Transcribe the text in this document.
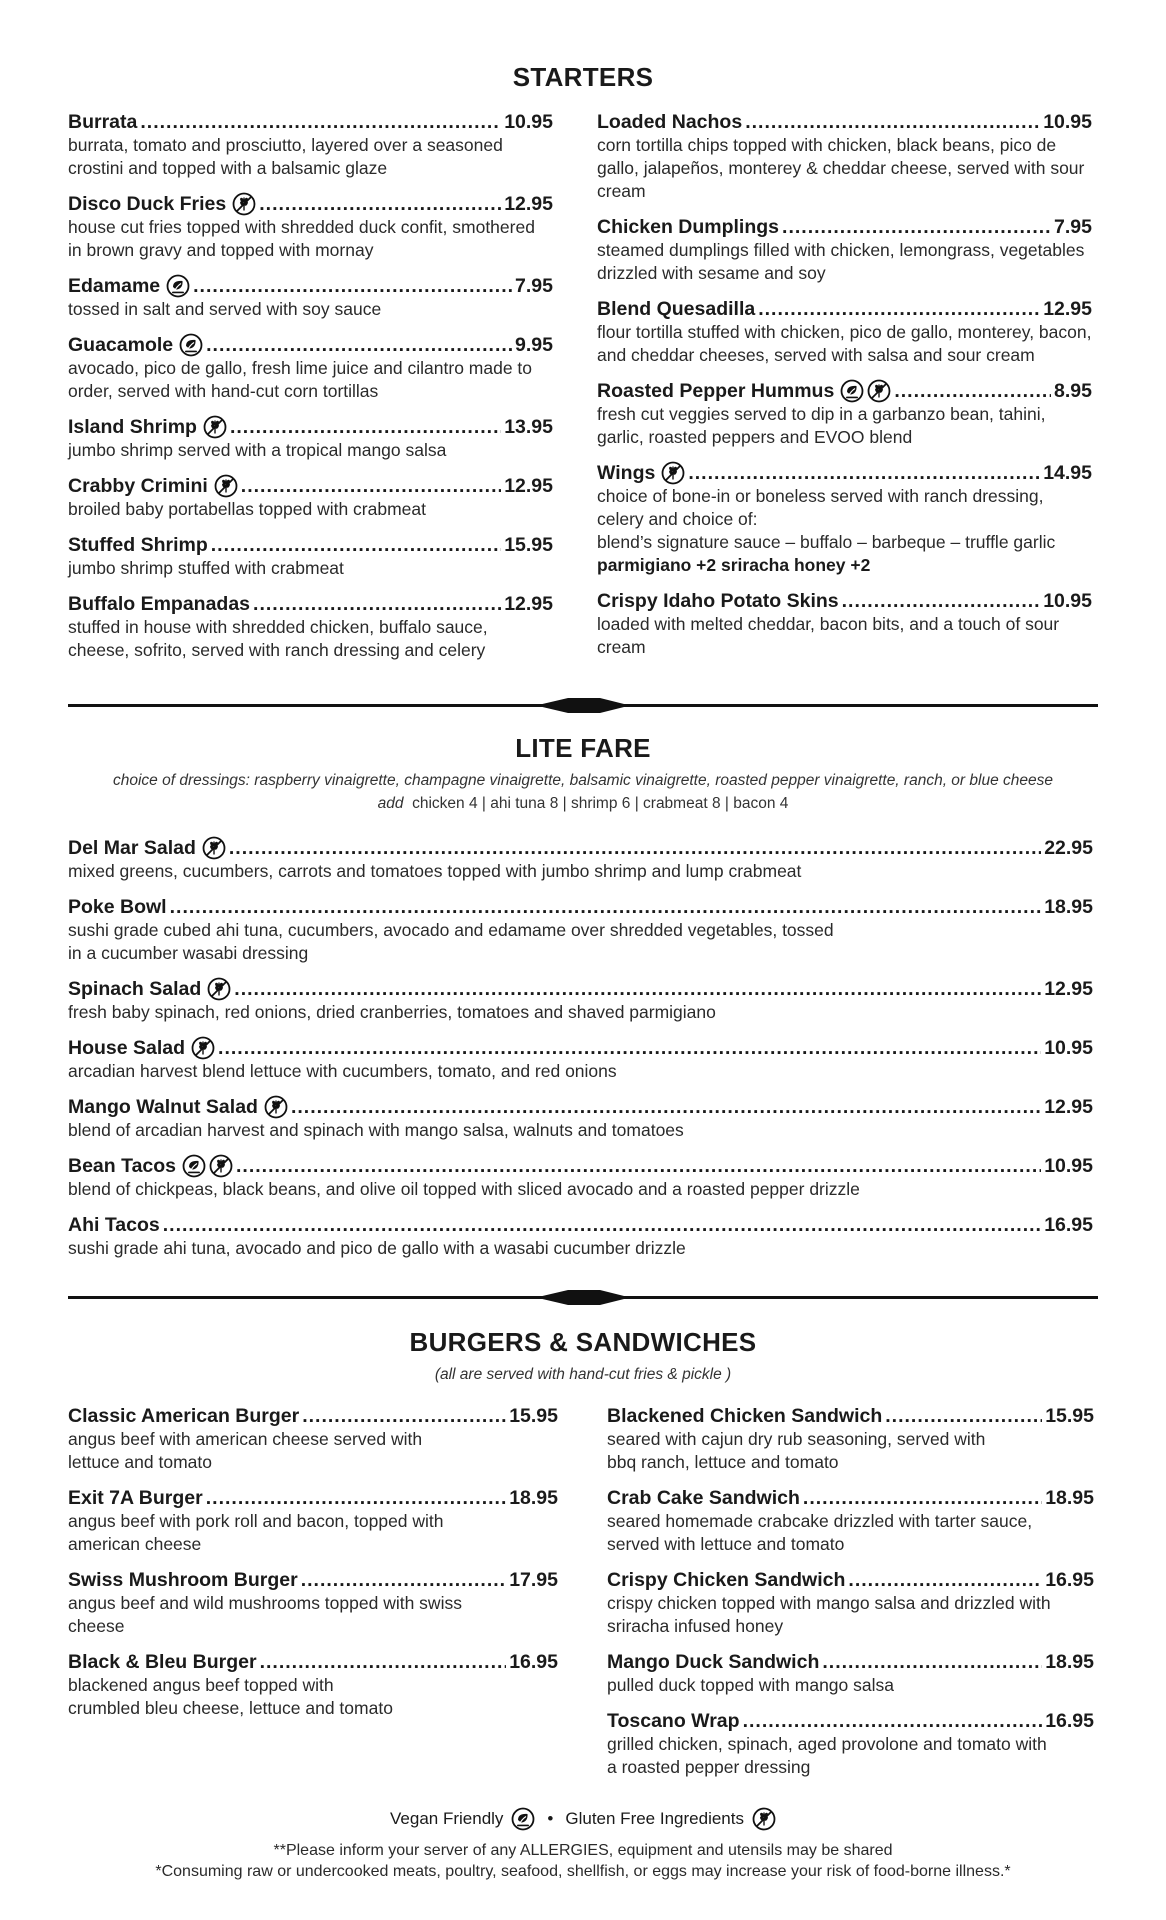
STARTERS
Burrata .....	10.95
burrata, tomato and prosciutto, layered over a seasoned crostini and topped with a balsamic glaze
Disco Duck Fries .....	12.95
house cut fries topped with shredded duck confit, smothered in brown gravy and topped with mornay
Edamame .....	7.95
tossed in salt and served with soy sauce
Guacamole .....	9.95
avocado, pico de gallo, fresh lime juice and cilantro made to order, served with hand-cut corn tortillas
Island Shrimp .....	13.95
jumbo shrimp served with a tropical mango salsa
Crabby Crimini .....	12.95
broiled baby portabellas topped with crabmeat
Stuffed Shrimp .....	15.95
jumbo shrimp stuffed with crabmeat
Buffalo Empanadas .....	12.95
stuffed in house with shredded chicken, buffalo sauce, cheese, sofrito, served with ranch dressing and celery
Loaded Nachos .....	10.95
corn tortilla chips topped with chicken, black beans, pico de gallo, jalapeños, monterey & cheddar cheese, served with sour cream
Chicken Dumplings .....	7.95
steamed dumplings filled with chicken, lemongrass, vegetables drizzled with sesame and soy
Blend Quesadilla .....	12.95
flour tortilla stuffed with chicken, pico de gallo, monterey, bacon, and cheddar cheeses, served with salsa and sour cream
Roasted Pepper Hummus .....	8.95
fresh cut veggies served to dip in a garbanzo bean, tahini, garlic, roasted peppers and EVOO blend
Wings .....	14.95
choice of bone-in or boneless served with ranch dressing, celery and choice of:
blend’s signature sauce – buffalo – barbeque – truffle garlic
parmigiano +2 sriracha honey +2
Crispy Idaho Potato Skins .....	10.95
loaded with melted cheddar, bacon bits, and a touch of sour cream
LITE FARE
choice of dressings: raspberry vinaigrette, champagne vinaigrette, balsamic vinaigrette, roasted pepper vinaigrette, ranch, or blue cheese
add chicken 4 | ahi tuna 8 | shrimp 6 | crabmeat 8 | bacon 4
Del Mar Salad .....	22.95
mixed greens, cucumbers, carrots and tomatoes topped with jumbo shrimp and lump crabmeat
Poke Bowl .....	18.95
sushi grade cubed ahi tuna, cucumbers, avocado and edamame over shredded vegetables, tossed
in a cucumber wasabi dressing
Spinach Salad .....	12.95
fresh baby spinach, red onions, dried cranberries, tomatoes and shaved parmigiano
House Salad .....	10.95
arcadian harvest blend lettuce with cucumbers, tomato, and red onions
Mango Walnut Salad .....	12.95
blend of arcadian harvest and spinach with mango salsa, walnuts and tomatoes
Bean Tacos .....	10.95
blend of chickpeas, black beans, and olive oil topped with sliced avocado and a roasted pepper drizzle
Ahi Tacos .....	16.95
sushi grade ahi tuna, avocado and pico de gallo with a wasabi cucumber drizzle
BURGERS & SANDWICHES
(all are served with hand-cut fries & pickle )
Classic American Burger .....	15.95
angus beef with american cheese served with
lettuce and tomato
Exit 7A Burger .....	18.95
angus beef with pork roll and bacon, topped with
american cheese
Swiss Mushroom Burger .....	17.95
angus beef and wild mushrooms topped with swiss
cheese
Black & Bleu Burger .....	16.95
blackened angus beef topped with
crumbled bleu cheese, lettuce and tomato
Blackened Chicken Sandwich .....	15.95
seared with cajun dry rub seasoning, served with
bbq ranch, lettuce and tomato
Crab Cake Sandwich .....	18.95
seared homemade crabcake drizzled with tarter sauce,
served with lettuce and tomato
Crispy Chicken Sandwich .....	16.95
crispy chicken topped with mango salsa and drizzled with
sriracha infused honey
Mango Duck Sandwich .....	18.95
pulled duck topped with mango salsa
Toscano Wrap .....	16.95
grilled chicken, spinach, aged provolone and tomato with
a roasted pepper dressing
Vegan Friendly	• Gluten Free Ingredients
**Please inform your server of any ALLERGIES, equipment and utensils may be shared
*Consuming raw or undercooked meats, poultry, seafood, shellfish, or eggs may increase your risk of food-borne illness.*
